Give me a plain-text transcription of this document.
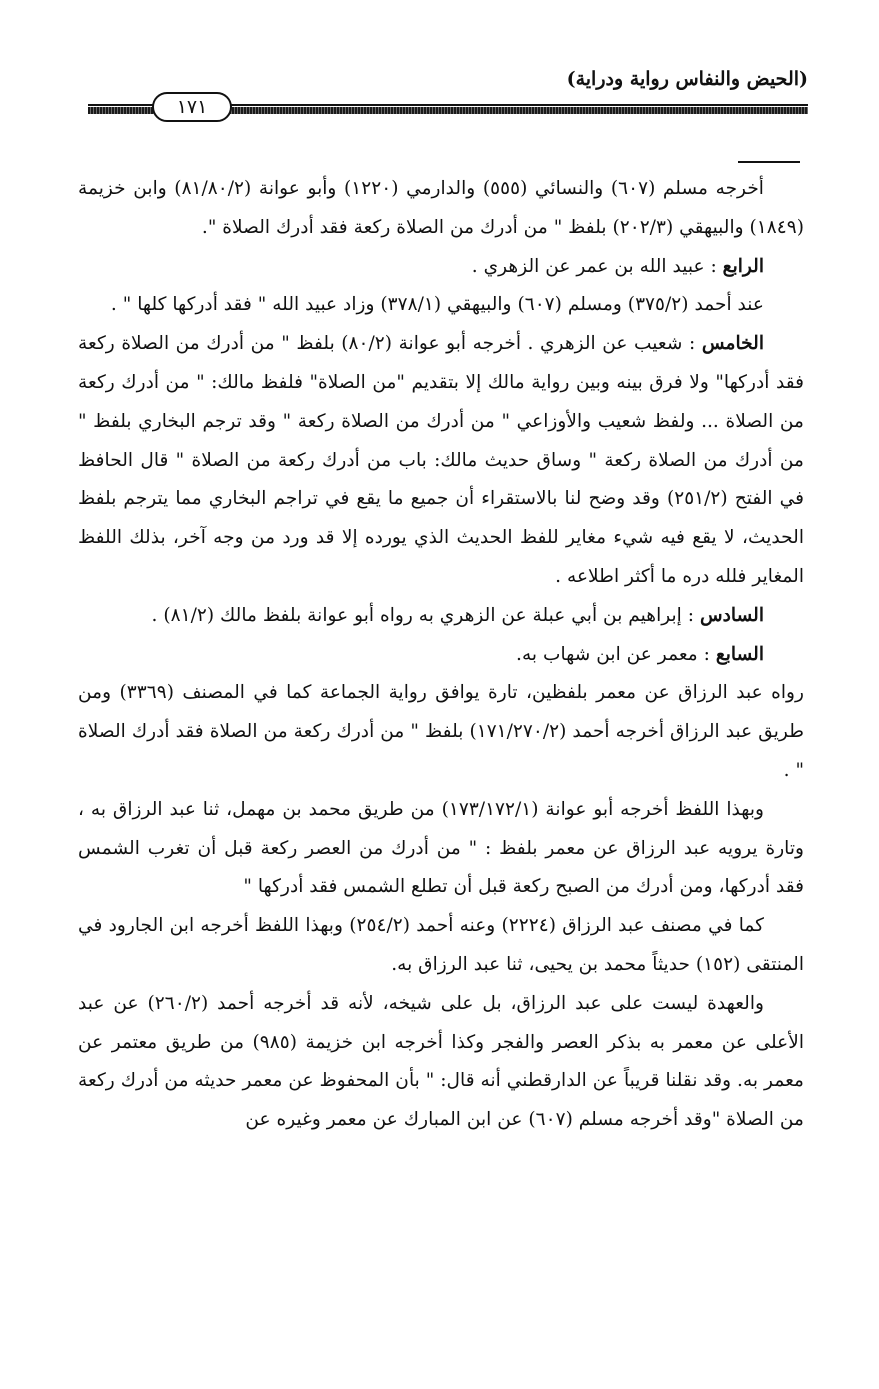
(الحيض والنفاس رواية ودراية)
١٧١

أخرجه مسلم (٦٠٧) والنسائي (٥٥٥) والدارمي (١٢٢٠) وأبو عوانة (٨١/٨٠/٢) وابن خزيمة (١٨٤٩) والبيهقي (٢٠٢/٣) بلفظ " من أدرك من الصلاة ركعة فقد أدرك الصلاة ".

الرابع : عبيد الله بن عمر عن الزهري .

عند أحمد (٣٧٥/٢) ومسلم (٦٠٧) والبيهقي (٣٧٨/١) وزاد عبيد الله " فقد أدركها كلها " .

الخامس : شعيب عن الزهري . أخرجه أبو عوانة (٨٠/٢) بلفظ " من أدرك من الصلاة ركعة فقد أدركها" ولا فرق بينه وبين رواية مالك إلا بتقديم "من الصلاة" فلفظ مالك: " من أدرك ركعة من الصلاة ... ولفظ شعيب والأوزاعي " من أدرك من الصلاة ركعة " وقد ترجم البخاري بلفظ " من أدرك من الصلاة ركعة " وساق حديث مالك: باب من أدرك ركعة من الصلاة " قال الحافظ في الفتح (٢٥١/٢) وقد وضح لنا بالاستقراء أن جميع ما يقع في تراجم البخاري مما يترجم بلفظ الحديث، لا يقع فيه شيء مغاير للفظ الحديث الذي يورده إلا قد ورد من وجه آخر، بذلك اللفظ المغاير فلله دره ما أكثر اطلاعه .

السادس : إبراهيم بن أبي عبلة عن الزهري به رواه أبو عوانة بلفظ مالك (٨١/٢) .

السابع : معمر عن ابن شهاب به.

رواه عبد الرزاق عن معمر بلفظين، تارة يوافق رواية الجماعة كما في المصنف (٣٣٦٩) ومن طريق عبد الرزاق أخرجه أحمد (١٧١/٢٧٠/٢) بلفظ " من أدرك ركعة من الصلاة فقد أدرك الصلاة " .

وبهذا اللفظ أخرجه أبو عوانة (١٧٣/١٧٢/١) من طريق محمد بن مهمل، ثنا عبد الرزاق به ، وتارة يرويه عبد الرزاق عن معمر بلفظ : " من أدرك من العصر ركعة قبل أن تغرب الشمس فقد أدركها، ومن أدرك من الصبح ركعة قبل أن تطلع الشمس فقد أدركها "

كما في مصنف عبد الرزاق (٢٢٢٤) وعنه أحمد (٢٥٤/٢) وبهذا اللفظ أخرجه ابن الجارود في المنتقى (١٥٢) حديثاً محمد بن يحيى، ثنا عبد الرزاق به.

والعهدة ليست على عبد الرزاق، بل على شيخه، لأنه قد أخرجه أحمد (٢٦٠/٢) عن عبد الأعلى عن معمر به بذكر العصر والفجر وكذا أخرجه ابن خزيمة (٩٨٥) من طريق معتمر عن معمر به. وقد نقلنا قريباً عن الدارقطني أنه قال: " بأن المحفوظ عن معمر حديثه من أدرك ركعة من الصلاة "وقد أخرجه مسلم (٦٠٧) عن ابن المبارك عن معمر وغيره عن
